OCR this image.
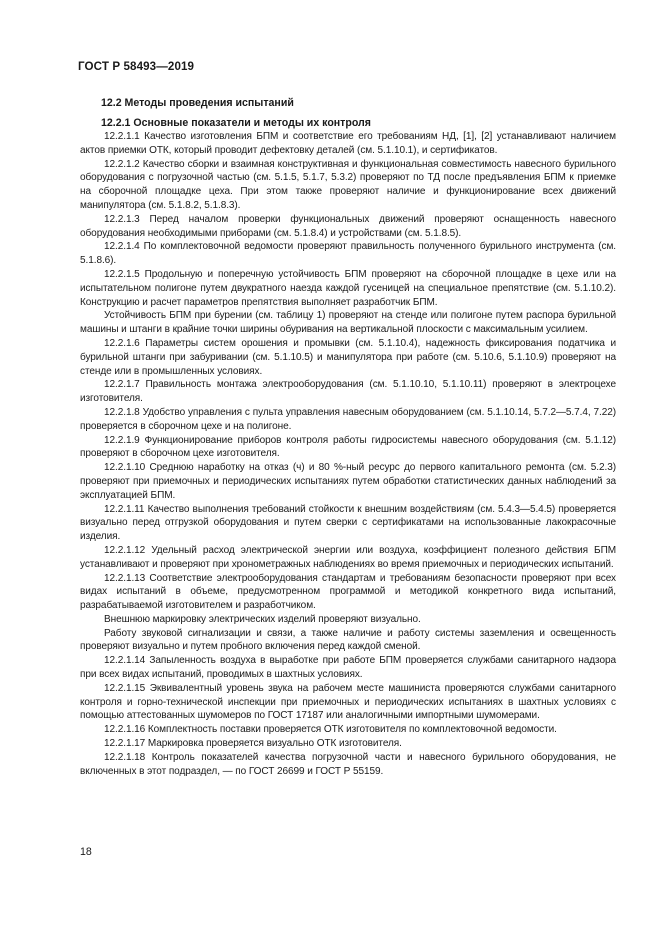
ГОСТ Р 58493—2019
12.2 Методы проведения испытаний
12.2.1 Основные показатели и методы их контроля

12.2.1.1 Качество изготовления БПМ и соответствие его требованиям НД, [1], [2] устанавливают наличием актов приемки ОТК, который проводит дефектовку деталей (см. 5.1.10.1), и сертификатов.

12.2.1.2 Качество сборки и взаимная конструктивная и функциональная совместимость навесного бурильного оборудования с погрузочной частью (см. 5.1.5, 5.1.7, 5.3.2) проверяют по ТД после предъявления БПМ к приемке на сборочной площадке цеха. При этом также проверяют наличие и функционирование всех движений манипулятора (см. 5.1.8.2, 5.1.8.3).

12.2.1.3 Перед началом проверки функциональных движений проверяют оснащенность навесного оборудования необходимыми приборами (см. 5.1.8.4) и устройствами (см. 5.1.8.5).

12.2.1.4 По комплектовочной ведомости проверяют правильность полученного бурильного инструмента (см. 5.1.8.6).

12.2.1.5 Продольную и поперечную устойчивость БПМ проверяют на сборочной площадке в цехе или на испытательном полигоне путем двукратного наезда каждой гусеницей на специальное препятствие (см. 5.1.10.2). Конструкцию и расчет параметров препятствия выполняет разработчик БПМ.

Устойчивость БПМ при бурении (см. таблицу 1) проверяют на стенде или полигоне путем распора бурильной машины и штанги в крайние точки ширины обуривания на вертикальной плоскости с максимальным усилием.

12.2.1.6 Параметры систем орошения и промывки (см. 5.1.10.4), надежность фиксирования податчика и бурильной штанги при забуривании (см. 5.1.10.5) и манипулятора при работе (см. 5.10.6, 5.1.10.9) проверяют на стенде или в промышленных условиях.

12.2.1.7 Правильность монтажа электрооборудования (см. 5.1.10.10, 5.1.10.11) проверяют в электроцехе изготовителя.

12.2.1.8 Удобство управления с пульта управления навесным оборудованием (см. 5.1.10.14, 5.7.2—5.7.4, 7.22) проверяется в сборочном цехе и на полигоне.

12.2.1.9 Функционирование приборов контроля работы гидросистемы навесного оборудования (см. 5.1.12) проверяют в сборочном цехе изготовителя.

12.2.1.10 Среднюю наработку на отказ (ч) и 80 %-ный ресурс до первого капитального ремонта (см. 5.2.3) проверяют при приемочных и периодических испытаниях путем обработки статистических данных наблюдений за эксплуатацией БПМ.

12.2.1.11 Качество выполнения требований стойкости к внешним воздействиям (см. 5.4.3—5.4.5) проверяется визуально перед отгрузкой оборудования и путем сверки с сертификатами на использованные лакокрасочные изделия.

12.2.1.12 Удельный расход электрической энергии или воздуха, коэффициент полезного действия БПМ устанавливают и проверяют при хронометражных наблюдениях во время приемочных и периодических испытаний.

12.2.1.13 Соответствие электрооборудования стандартам и требованиям безопасности проверяют при всех видах испытаний в объеме, предусмотренном программой и методикой конкретного вида испытаний, разрабатываемой изготовителем и разработчиком.

Внешнюю маркировку электрических изделий проверяют визуально.

Работу звуковой сигнализации и связи, а также наличие и работу системы заземления и освещенность проверяют визуально и путем пробного включения перед каждой сменой.

12.2.1.14 Запыленность воздуха в выработке при работе БПМ проверяется службами санитарного надзора при всех видах испытаний, проводимых в шахтных условиях.

12.2.1.15 Эквивалентный уровень звука на рабочем месте машиниста проверяются службами санитарного контроля и горно-технической инспекции при приемочных и периодических испытаниях в шахтных условиях с помощью аттестованных шумомеров по ГОСТ 17187 или аналогичными импортными шумомерами.

12.2.1.16 Комплектность поставки проверяется ОТК изготовителя по комплектовочной ведомости.

12.2.1.17 Маркировка проверяется визуально ОТК изготовителя.

12.2.1.18 Контроль показателей качества погрузочной части и навесного бурильного оборудования, не включенных в этот подраздел, — по ГОСТ 26699 и ГОСТ Р 55159.

18
